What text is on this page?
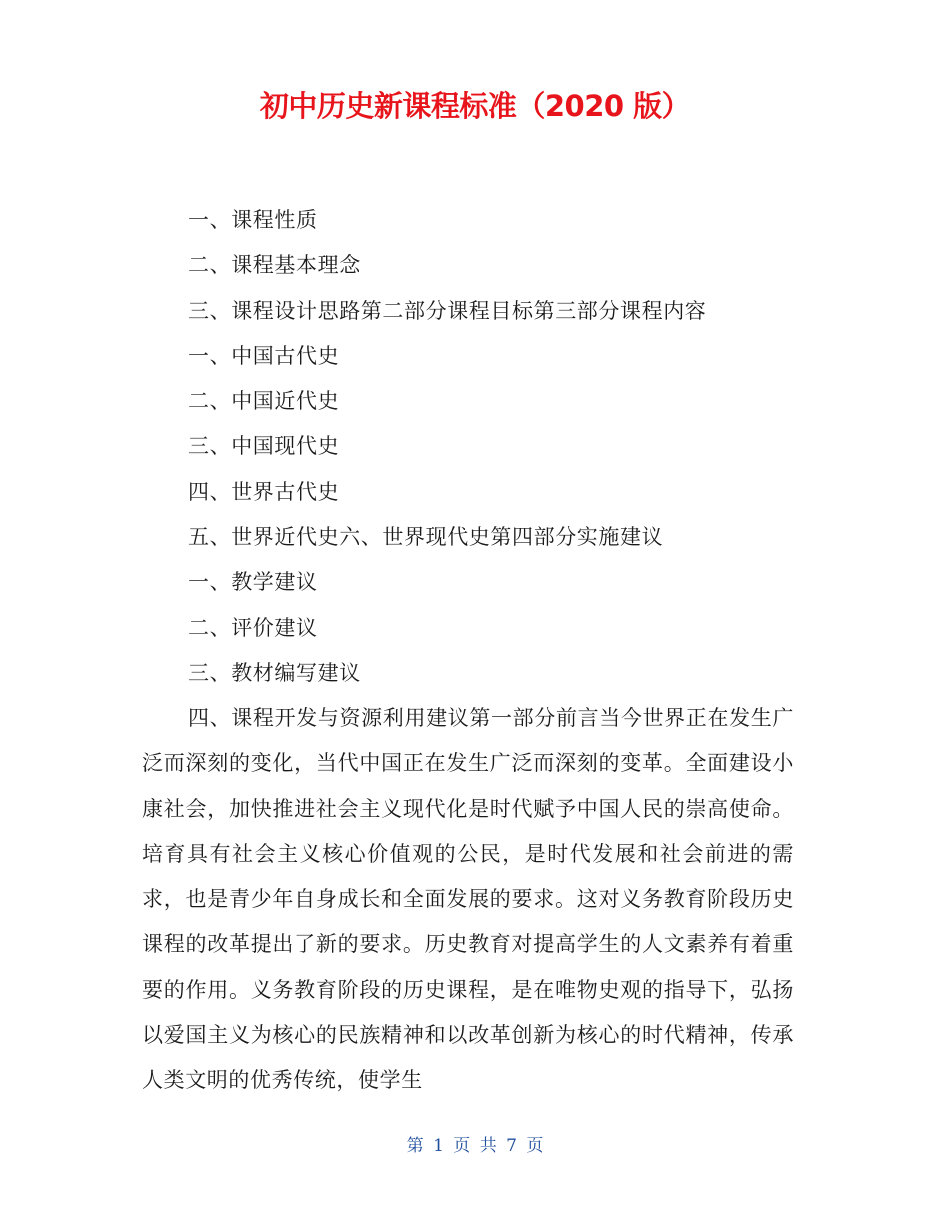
初中历史新课程标准（2020 版）
一、课程性质
二、课程基本理念
三、课程设计思路第二部分课程目标第三部分课程内容
一、中国古代史
二、中国近代史
三、中国现代史
四、世界古代史
五、世界近代史六、世界现代史第四部分实施建议
一、教学建议
二、评价建议
三、教材编写建议

四、课程开发与资源利用建议第一部分前言当今世界正在发生广泛而深刻的变化，当代中国正在发生广泛而深刻的变革。全面建设小康社会，加快推进社会主义现代化是时代赋予中国人民的崇高使命。培育具有社会主义核心价值观的公民，是时代发展和社会前进的需求，也是青少年自身成长和全面发展的要求。这对义务教育阶段历史课程的改革提出了新的要求。历史教育对提高学生的人文素养有着重要的作用。义务教育阶段的历史课程，是在唯物史观的指导下，弘扬以爱国主义为核心的民族精神和以改革创新为核心的时代精神，传承人类文明的优秀传统，使学生

第 1 页 共 7 页
